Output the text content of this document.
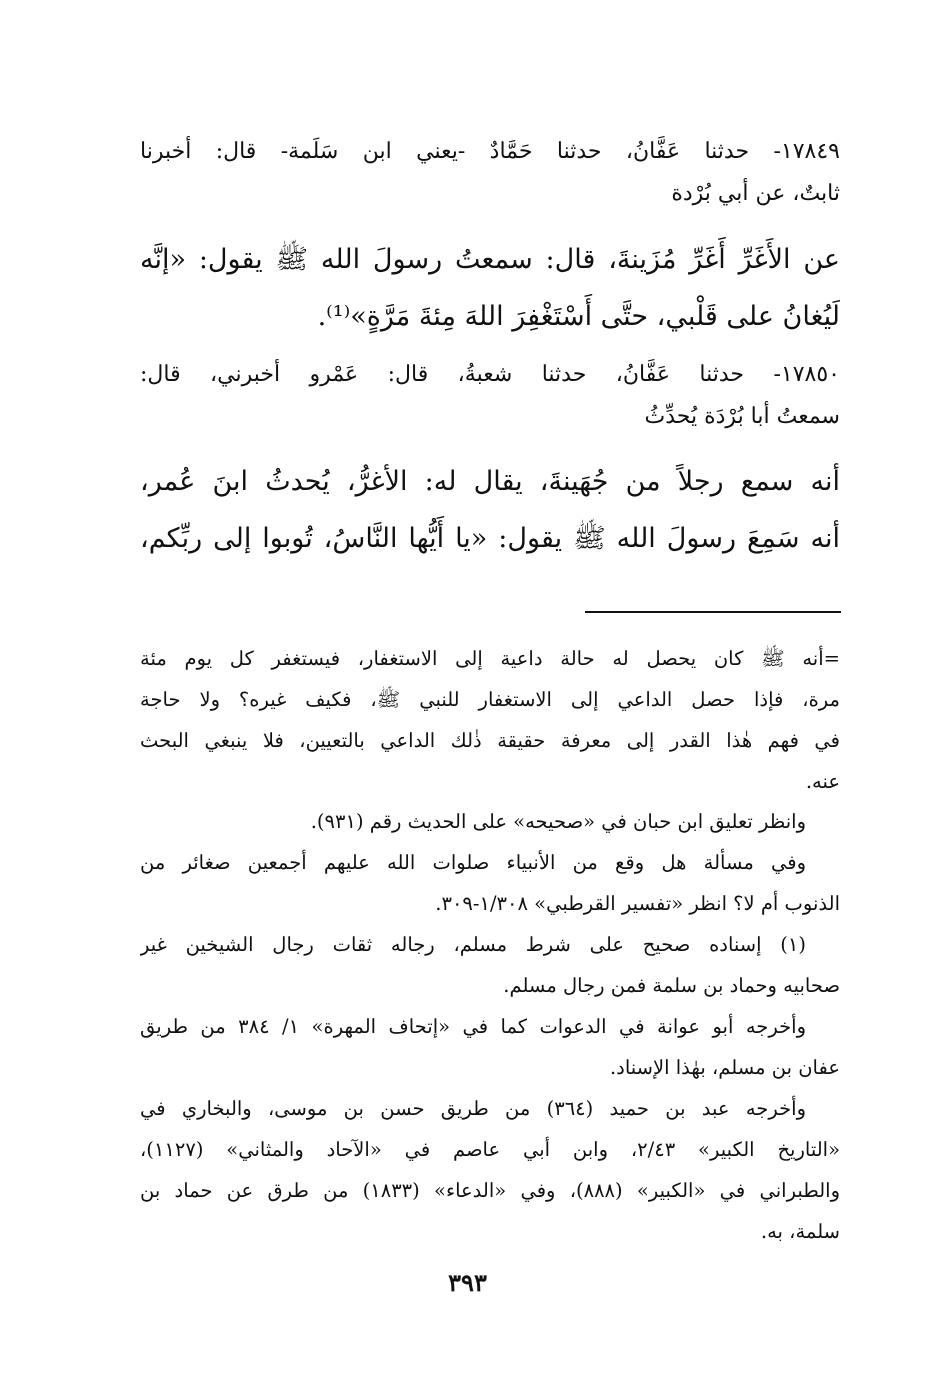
١٧٨٤٩- حدثنا عَفَّانُ، حدثنا حَمَّادٌ -يعني ابن سَلَمة- قال: أخبرنا
ثابتٌ، عن أبي بُرْدة
عن الأَغَرِّ أَغَرِّ مُزَينةَ، قال: سمعتُ رسولَ الله ﷺ يقول: «إنَّه
لَيُغانُ على قَلْبي، حتَّى أَسْتَغْفِرَ اللهَ مِئةَ مَرَّةٍ»⁽¹⁾.
١٧٨٥٠- حدثنا عَفَّانُ، حدثنا شعبةُ، قال: عَمْرو أخبرني، قال:
سمعتُ أبا بُرْدَة يُحدِّثُ
أنه سمع رجلاً من جُهَينةَ، يقال له: الأغرُّ، يُحدثُ ابنَ عُمر،
أنه سَمِعَ رسولَ الله ﷺ يقول: «يا أَيُّها النَّاسُ، تُوبوا إلى ربِّكم،
=أنه ﷺ كان يحصل له حالة داعية إلى الاستغفار، فيستغفر كل يوم مئة
مرة، فإذا حصل الداعي إلى الاستغفار للنبي ﷺ، فكيف غيره؟ ولا حاجة
في فهم هٰذا القدر إلى معرفة حقيقة ذٰلك الداعي بالتعيين، فلا ينبغي البحث
عنه.
وانظر تعليق ابن حبان في «صحيحه» على الحديث رقم (٩٣١).
وفي مسألة هل وقع من الأنبياء صلوات الله عليهم أجمعين صغائر من
الذنوب أم لا؟ انظر «تفسير القرطبي» ١/٣٠٨-٣٠٩.
(١) إسناده صحيح على شرط مسلم، رجاله ثقات رجال الشيخين غير
صحابيه وحماد بن سلمة فمن رجال مسلم.
وأخرجه أبو عوانة في الدعوات كما في «إتحاف المهرة» ١/ ٣٨٤ من طريق
عفان بن مسلم، بهٰذا الإسناد.
وأخرجه عبد بن حميد (٣٦٤) من طريق حسن بن موسى، والبخاري في
«التاريخ الكبير» ٢/٤٣، وابن أبي عاصم في «الآحاد والمثاني» (١١٢٧)،
والطبراني في «الكبير» (٨٨٨)، وفي «الدعاء» (١٨٣٣) من طرق عن حماد بن
سلمة، به.
٣٩٣
